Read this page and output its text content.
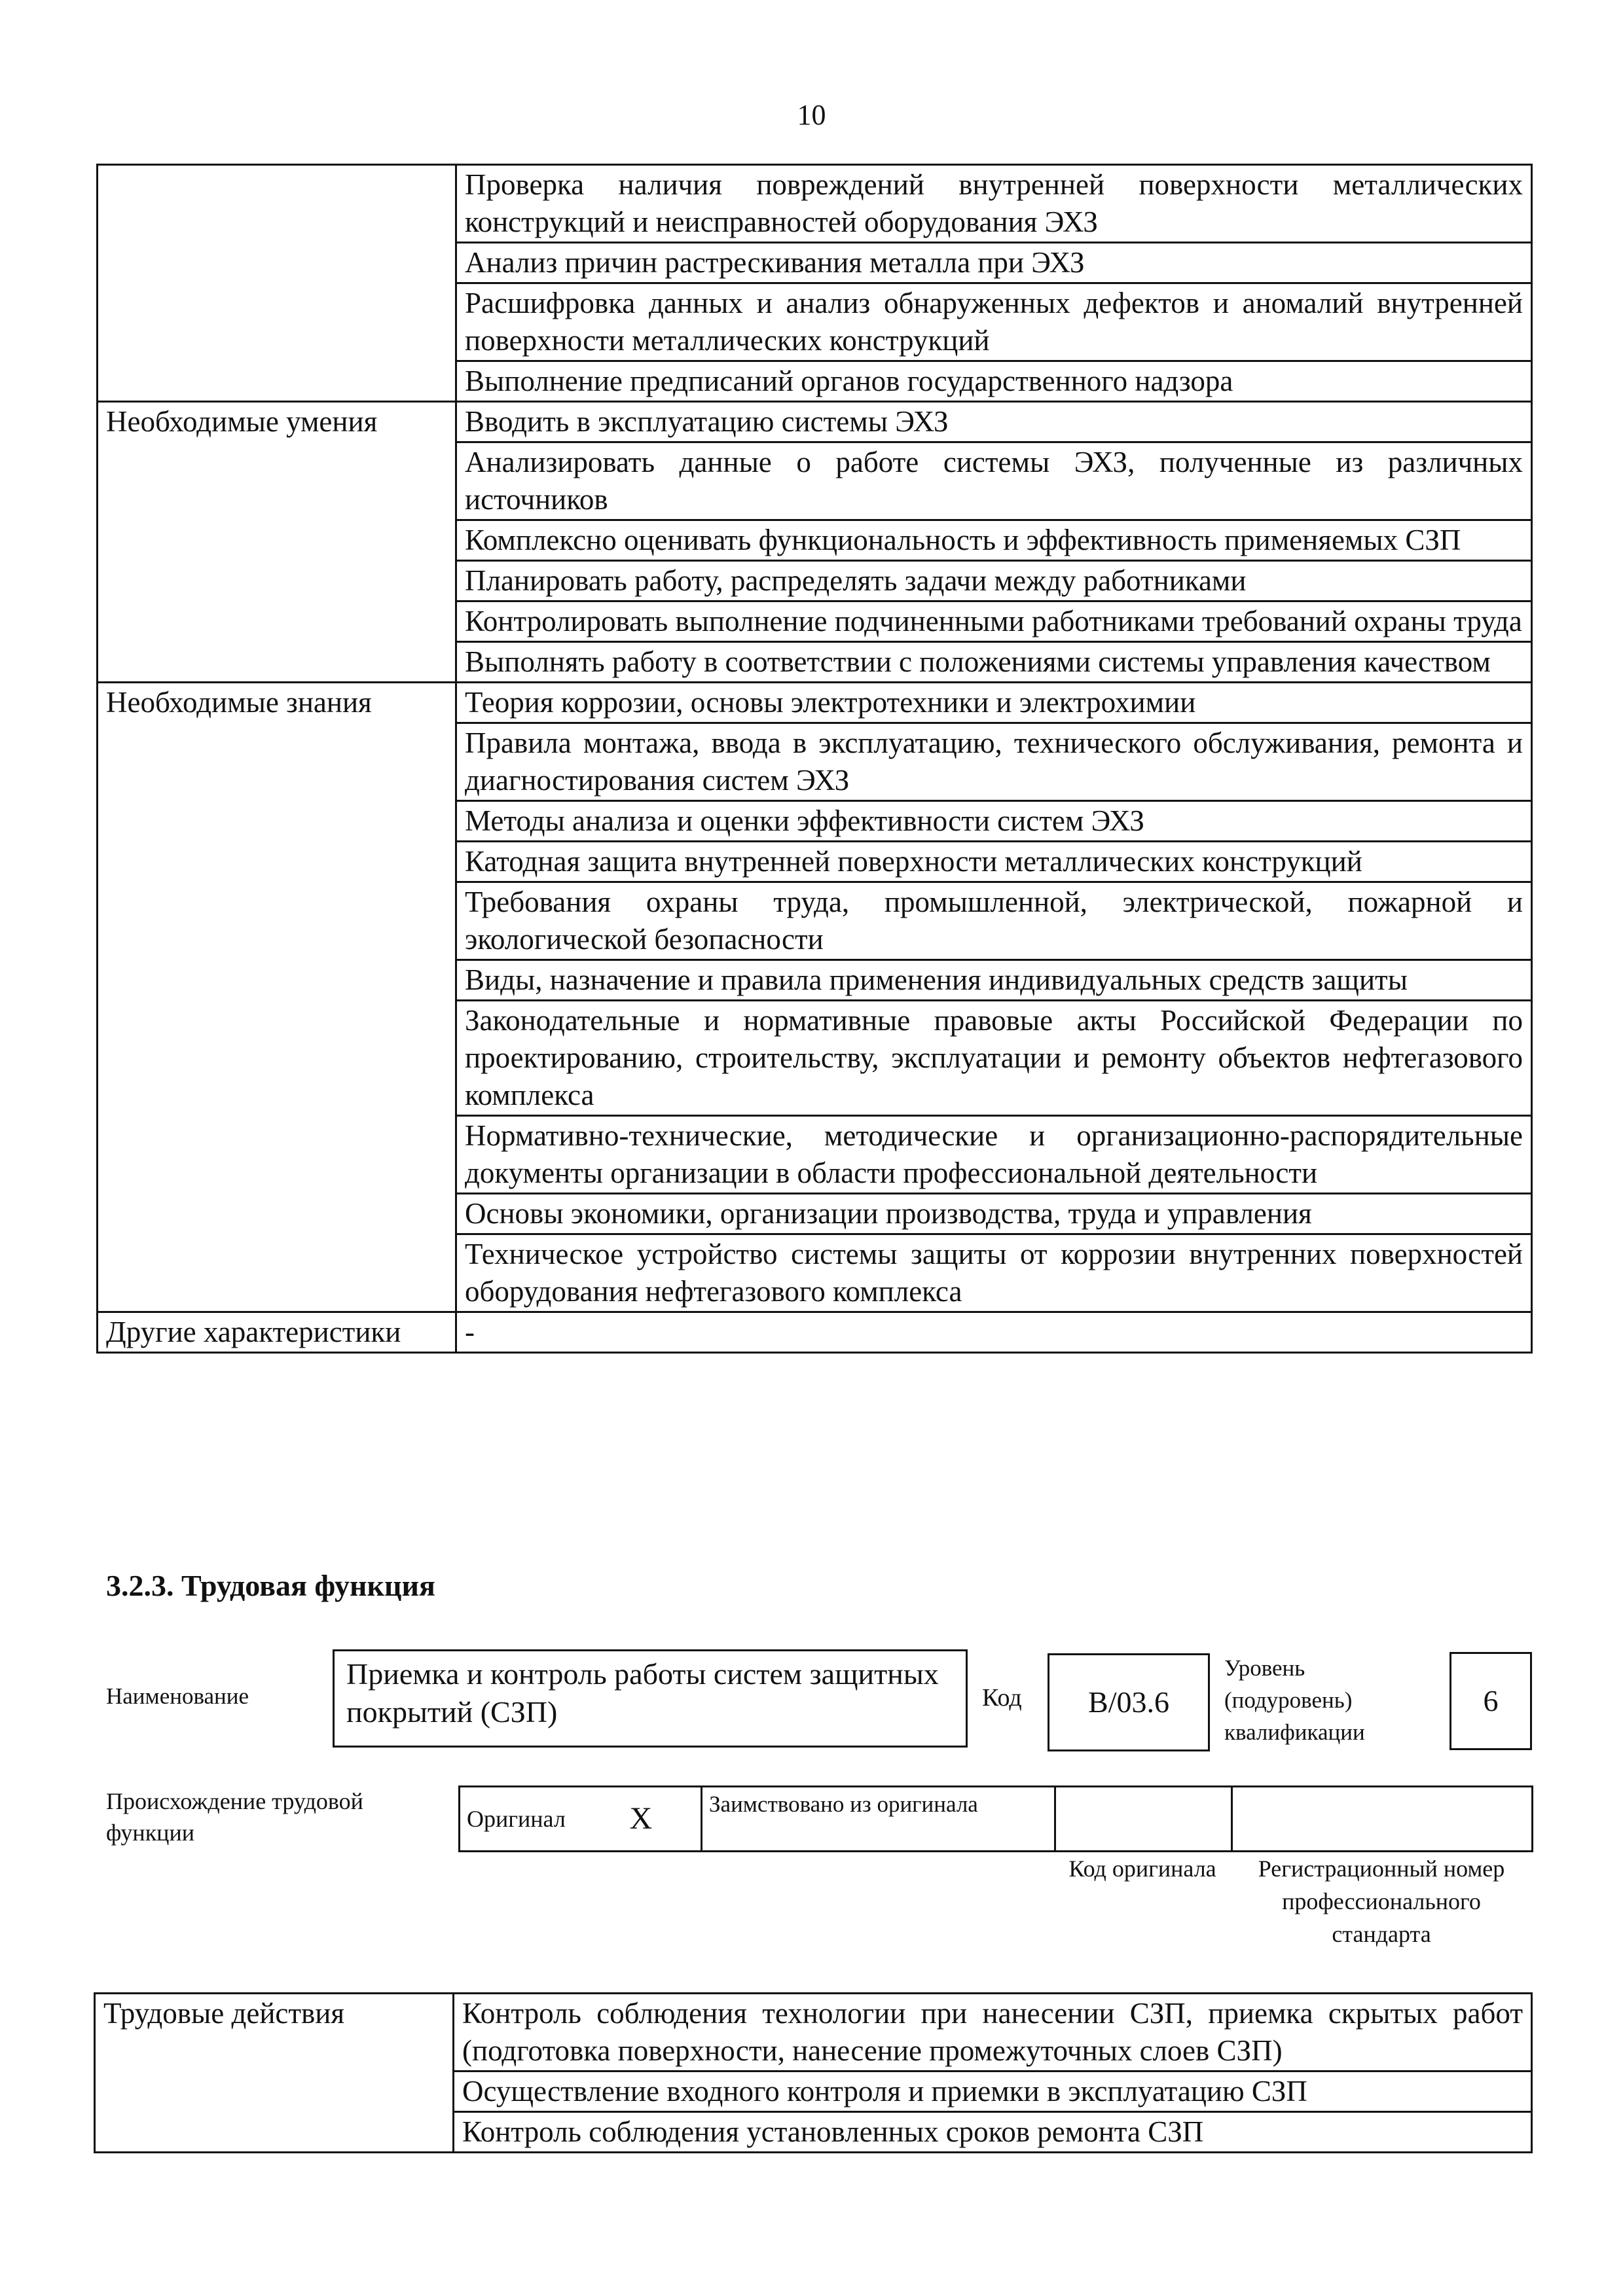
10
	Проверка наличия повреждений внутренней поверхности металлических конструкций и неисправностей оборудования ЭХЗ
	Анализ причин растрескивания металла при ЭХЗ
	Расшифровка данных и анализ обнаруженных дефектов и аномалий внутренней поверхности металлических конструкций
	Выполнение предписаний органов государственного надзора
Необходимые умения	Вводить в эксплуатацию системы ЭХЗ
	Анализировать данные о работе системы ЭХЗ, полученные из различных источников
	Комплексно оценивать функциональность и эффективность применяемых СЗП
	Планировать работу, распределять задачи между работниками
	Контролировать выполнение подчиненными работниками требований охраны труда
	Выполнять работу в соответствии с положениями системы управления качеством
Необходимые знания	Теория коррозии, основы электротехники и электрохимии
	Правила монтажа, ввода в эксплуатацию, технического обслуживания, ремонта и диагностирования систем ЭХЗ
	Методы анализа и оценки эффективности систем ЭХЗ
	Катодная защита внутренней поверхности металлических конструкций
	Требования охраны труда, промышленной, электрической, пожарной и экологической безопасности
	Виды, назначение и правила применения индивидуальных средств защиты
	Законодательные и нормативные правовые акты Российской Федерации по проектированию, строительству, эксплуатации и ремонту объектов нефтегазового комплекса
	Нормативно-технические, методические и организационно-распорядительные документы организации в области профессиональной деятельности
	Основы экономики, организации производства, труда и управления
	Техническое устройство системы защиты от коррозии внутренних поверхностей оборудования нефтегазового комплекса
Другие характеристики	-
3.2.3. Трудовая функция
Наименование
Приемка и контроль работы систем защитных покрытий (СЗП)	Код	В/03.6
Уровень (подуровень) квалификации
6
Происхождение трудовой функции
Оригинал	X	Заимствовано из оригинала		
Код оригинала	Регистрационный номер профессионального стандарта
Трудовые действия	Контроль соблюдения технологии при нанесении СЗП, приемка скрытых работ (подготовка поверхности, нанесение промежуточных слоев СЗП)
Осуществление входного контроля и приемки в эксплуатацию СЗП
Контроль соблюдения установленных сроков ремонта СЗП
